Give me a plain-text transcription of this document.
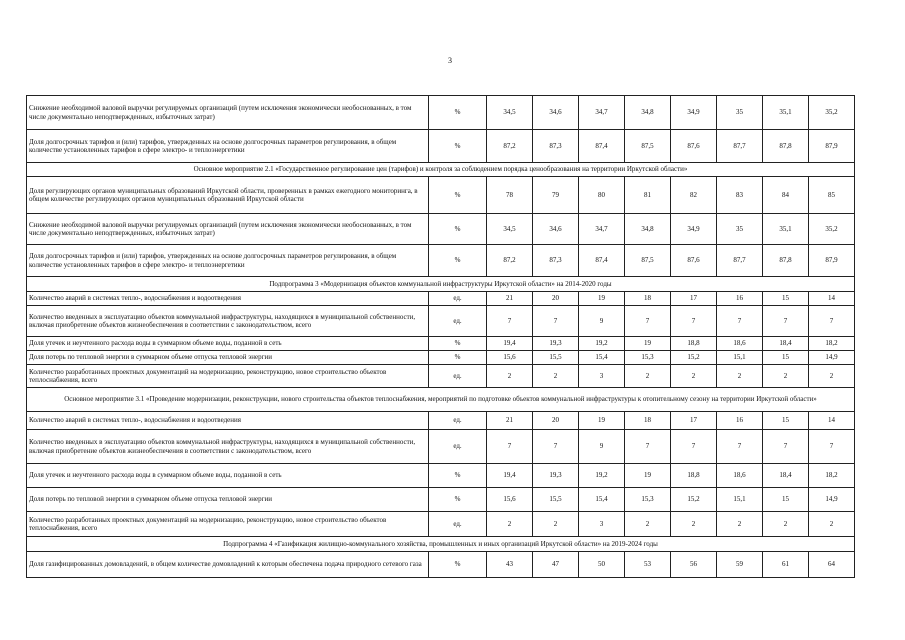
3
Снижение необходимой валовой выручки регулируемых организаций (путем исключения экономически необоснованных, в том числе документально неподтвержденных, избыточных затрат)	%	34,5	34,6	34,7	34,8	34,9	35	35,1	35,2
Доля долгосрочных тарифов и (или) тарифов, утвержденных на основе долгосрочных параметров регулирования, в общем количестве установленных тарифов в сфере электро- и теплоэнергетики	%	87,2	87,3	87,4	87,5	87,6	87,7	87,8	87,9
Основное мероприятие 2.1 «Государственное регулирование цен (тарифов) и контроля за соблюдением порядка ценообразования на территории Иркутской области»									
Доля регулирующих органов муниципальных образований Иркутской области, проверенных в рамках ежегодного мониторинга, в общем количестве регулирующих органов муниципальных образований Иркутской области	%	78	79	80	81	82	83	84	85
Снижение необходимой валовой выручки регулируемых организаций (путем исключения экономически необоснованных, в том числе документально неподтвержденных, избыточных затрат)	%	34,5	34,6	34,7	34,8	34,9	35	35,1	35,2
Доля долгосрочных тарифов и (или) тарифов, утвержденных на основе долгосрочных параметров регулирования, в общем количестве установленных тарифов в сфере электро- и теплоэнергетики	%	87,2	87,3	87,4	87,5	87,6	87,7	87,8	87,9
Подпрограмма 3 «Модернизация объектов коммунальной инфраструктуры Иркутской области» на 2014-2020 годы									
Количество аварий в системах тепло-, водоснабжения и водоотведения	ед.	21	20	19	18	17	16	15	14
Количество введенных в эксплуатацию объектов коммунальной инфраструктуры, находящихся в муниципальной собственности, включая приобретение объектов жизнеобеспечения в соответствии с законодательством, всего	ед.	7	7	9	7	7	7	7	7
Доля утечек и неучтенного расхода воды в суммарном объеме воды, поданной в сеть	%	19,4	19,3	19,2	19	18,8	18,6	18,4	18,2
Доля потерь по тепловой энергии в суммарном объеме отпуска тепловой энергии	%	15,6	15,5	15,4	15,3	15,2	15,1	15	14,9
Количество разработанных проектных документаций на модернизацию, реконструкцию, новое строительство объектов теплоснабжения, всего	ед.	2	2	3	2	2	2	2	2
Основное мероприятие 3.1 «Проведение модернизации, реконструкции, нового строительства объектов теплоснабжения, мероприятий по подготовке объектов коммунальной инфраструктуры к отопительному сезону на территории Иркутской области»									
Количество аварий в системах тепло-, водоснабжения и водоотведения	ед.	21	20	19	18	17	16	15	14
Количество введенных в эксплуатацию объектов коммунальной инфраструктуры, находящихся в муниципальной собственности, включая приобретение объектов жизнеобеспечения в соответствии с законодательством, всего	ед.	7	7	9	7	7	7	7	7
Доля утечек и неучтенного расхода воды в суммарном объеме воды, поданной в сеть	%	19,4	19,3	19,2	19	18,8	18,6	18,4	18,2
Доля потерь по тепловой энергии в суммарном объеме отпуска тепловой энергии	%	15,6	15,5	15,4	15,3	15,2	15,1	15	14,9
Количество разработанных проектных документаций на модернизацию, реконструкцию, новое строительство объектов теплоснабжения, всего	ед.	2	2	3	2	2	2	2	2
Подпрограмма 4 «Газификация жилищно-коммунального хозяйства, промышленных и иных организаций Иркутской области» на 2019-2024 годы									
Доля газифицированных домовладений, в общем количестве домовладений к которым обеспечена подача природного сетевого газа	%	43	47	50	53	56	59	61	64
